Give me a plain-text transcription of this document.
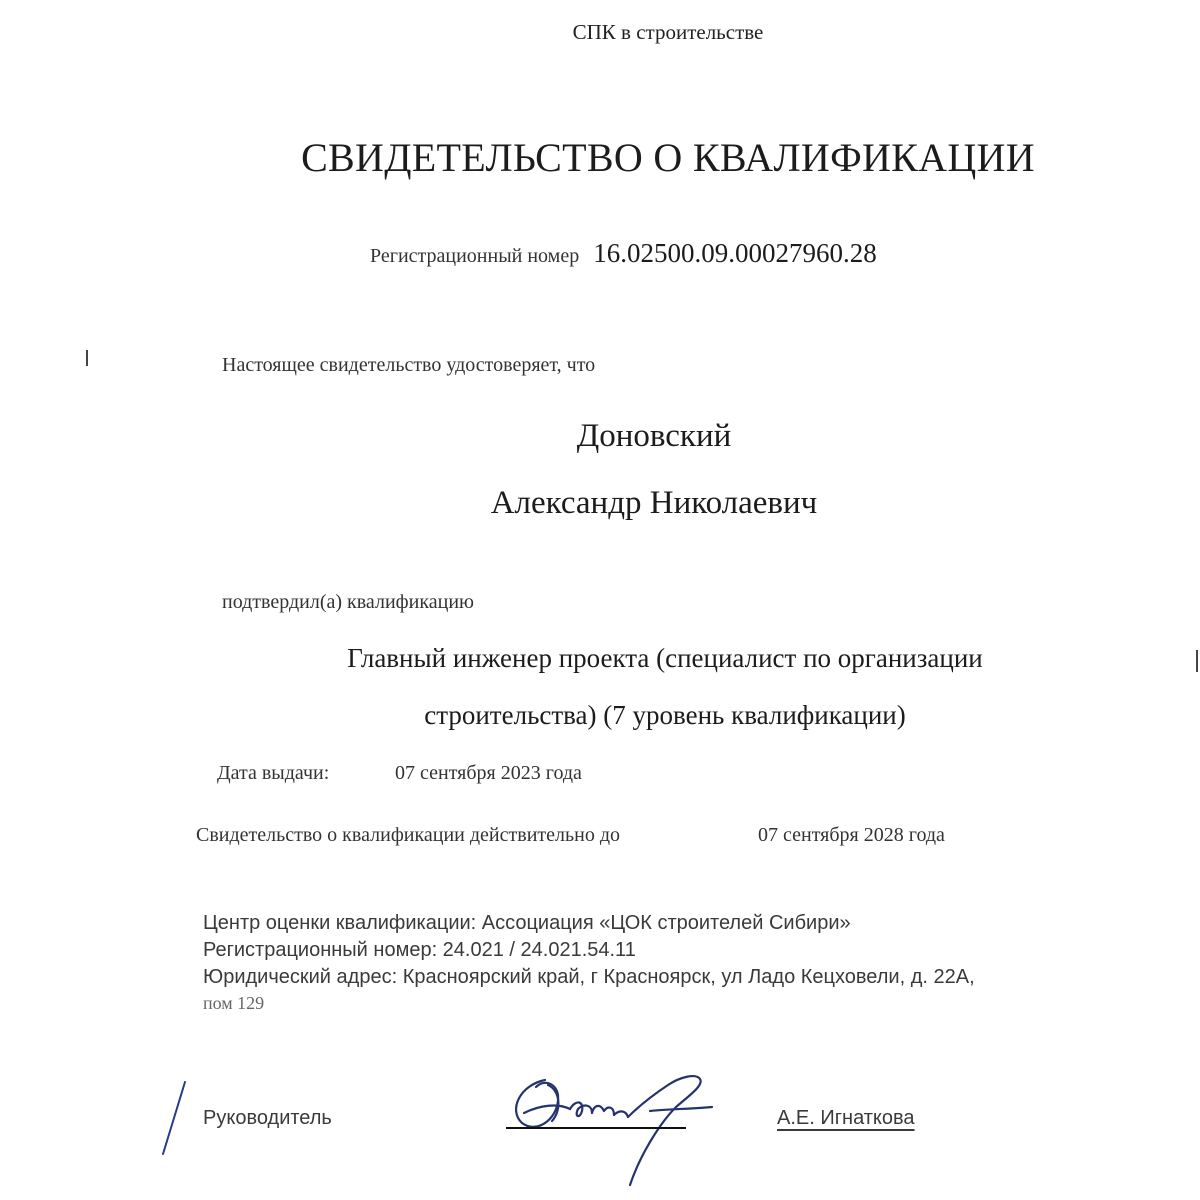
СПК в строительстве

СВИДЕТЕЛЬСТВО О КВАЛИФИКАЦИИ
Регистрационный номер 16.02500.09.00027960.28

Настоящее свидетельство удостоверяет, что

Доновский

Александр Николаевич

подтвердил(а) квалификацию

Главный инженер проекта (специалист по организации

строительства) (7 уровень квалификации)

Дата выдачи:	07 сентября 2023 года

Свидетельство о квалификации действительно до	07 сентября 2028 года

Центр оценки квалификации: Ассоциация «ЦОК строителей Сибири»

Регистрационный номер: 24.021 / 24.021.54.11

Юридический адрес: Красноярский край, г Красноярск, ул Ладо Кецховели, д. 22А,

пом 129

Руководитель	А.Е. Игнаткова
